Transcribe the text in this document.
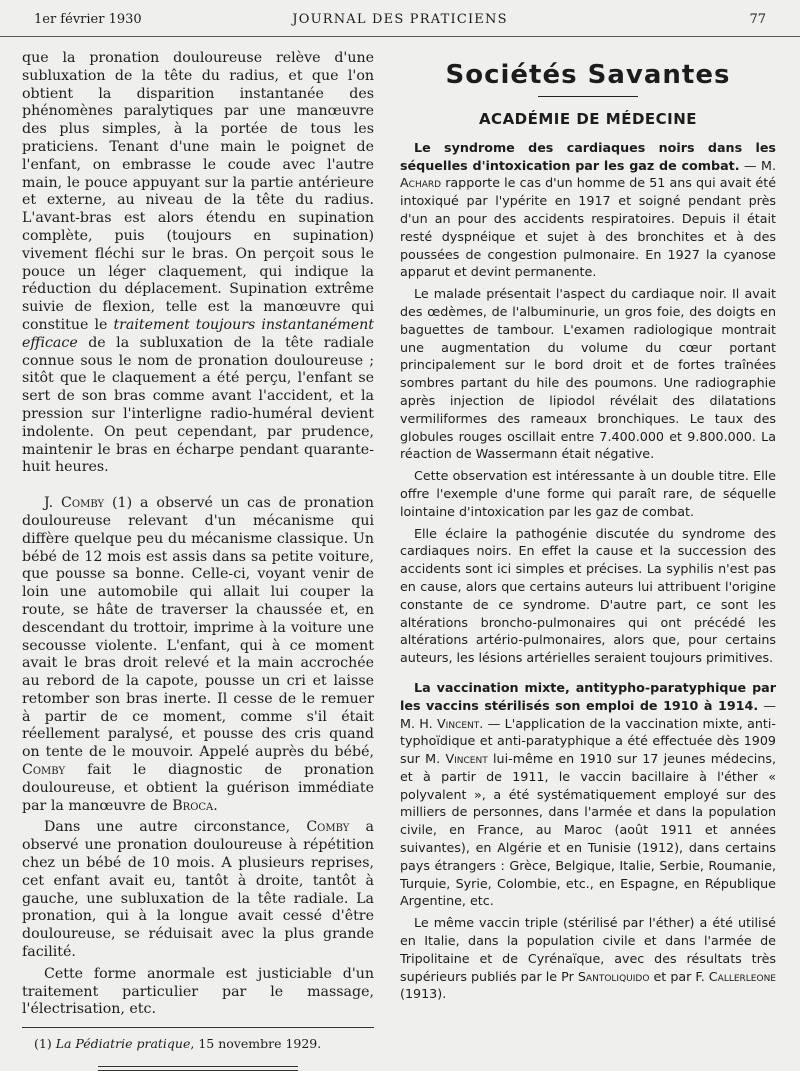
1er février 1930	JOURNAL DES PRATICIENS	77

que la pronation douloureuse relève d'une subluxation de la tête du radius, et que l'on obtient la disparition instantanée des phénomènes paralytiques par une manœuvre des plus simples, à la portée de tous les praticiens. Tenant d'une main le poignet de l'enfant, on embrasse le coude avec l'autre main, le pouce appuyant sur la partie antérieure et externe, au niveau de la tête du radius. L'avant-bras est alors étendu en supination complète, puis (toujours en supination) vivement fléchi sur le bras. On perçoit sous le pouce un léger claquement, qui indique la réduction du déplacement. Supination extrême suivie de flexion, telle est la manœuvre qui constitue le traitement toujours instantanément efficace de la subluxation de la tête radiale connue sous le nom de pronation douloureuse ; sitôt que le claquement a été perçu, l'enfant se sert de son bras comme avant l'accident, et la pression sur l'interligne radio-huméral devient indolente. On peut cependant, par prudence, maintenir le bras en écharpe pendant quarante-huit heures.

J. Comby (1) a observé un cas de pronation douloureuse relevant d'un mécanisme qui diffère quelque peu du mécanisme classique. Un bébé de 12 mois est assis dans sa petite voiture, que pousse sa bonne. Celle-ci, voyant venir de loin une automobile qui allait lui couper la route, se hâte de traverser la chaussée et, en descendant du trottoir, imprime à la voiture une secousse violente. L'enfant, qui à ce moment avait le bras droit relevé et la main accrochée au rebord de la capote, pousse un cri et laisse retomber son bras inerte. Il cesse de le remuer à partir de ce moment, comme s'il était réellement paralysé, et pousse des cris quand on tente de le mouvoir. Appelé auprès du bébé, Comby fait le diagnostic de pronation douloureuse, et obtient la guérison immédiate par la manœuvre de Broca.

Dans une autre circonstance, Comby a observé une pronation douloureuse à répétition chez un bébé de 10 mois. A plusieurs reprises, cet enfant avait eu, tantôt à droite, tantôt à gauche, une subluxation de la tête radiale. La pronation, qui à la longue avait cessé d'être douloureuse, se réduisait avec la plus grande facilité.

Cette forme anormale est justiciable d'un traitement particulier par le massage, l'électrisation, etc.

(1) La Pédiatrie pratique, 15 novembre 1929.
Sociétés Savantes
ACADÉMIE DE MÉDECINE

Le syndrome des cardiaques noirs dans les séquelles d'intoxication par les gaz de combat. — M. Achard rapporte le cas d'un homme de 51 ans qui avait été intoxiqué par l'ypérite en 1917 et soigné pendant près d'un an pour des accidents respiratoires. Depuis il était resté dyspnéique et sujet à des bronchites et à des poussées de congestion pulmonaire. En 1927 la cyanose apparut et devint permanente.

Le malade présentait l'aspect du cardiaque noir. Il avait des œdèmes, de l'albuminurie, un gros foie, des doigts en baguettes de tambour. L'examen radiologique montrait une augmentation du volume du cœur portant principalement sur le bord droit et de fortes traînées sombres partant du hile des poumons. Une radiographie après injection de lipiodol révélait des dilatations vermiliformes des rameaux bronchiques. Le taux des globules rouges oscillait entre 7.400.000 et 9.800.000. La réaction de Wassermann était négative.

Cette observation est intéressante à un double titre. Elle offre l'exemple d'une forme qui paraît rare, de séquelle lointaine d'intoxication par les gaz de combat.

Elle éclaire la pathogénie discutée du syndrome des cardiaques noirs. En effet la cause et la succession des accidents sont ici simples et précises. La syphilis n'est pas en cause, alors que certains auteurs lui attribuent l'origine constante de ce syndrome. D'autre part, ce sont les altérations broncho-pulmonaires qui ont précédé les altérations artério-pulmonaires, alors que, pour certains auteurs, les lésions artérielles seraient toujours primitives.

La vaccination mixte, antitypho-paratyphique par les vaccins stérilisés son emploi de 1910 à 1914. — M. H. Vincent. — L'application de la vaccination mixte, anti-typhoïdique et anti-paratyphique a été effectuée dès 1909 sur M. Vincent lui-même en 1910 sur 17 jeunes médecins, et à partir de 1911, le vaccin bacillaire à l'éther « polyvalent », a été systématiquement employé sur des milliers de personnes, dans l'armée et dans la population civile, en France, au Maroc (août 1911 et années suivantes), en Algérie et en Tunisie (1912), dans certains pays étrangers : Grèce, Belgique, Italie, Serbie, Roumanie, Turquie, Syrie, Colombie, etc., en Espagne, en République Argentine, etc.

Le même vaccin triple (stérilisé par l'éther) a été utilisé en Italie, dans la population civile et dans l'armée de Tripolitaine et de Cyrénaïque, avec des résultats très supérieurs publiés par le Pr Santoliquido et par F. Callerleone (1913).
